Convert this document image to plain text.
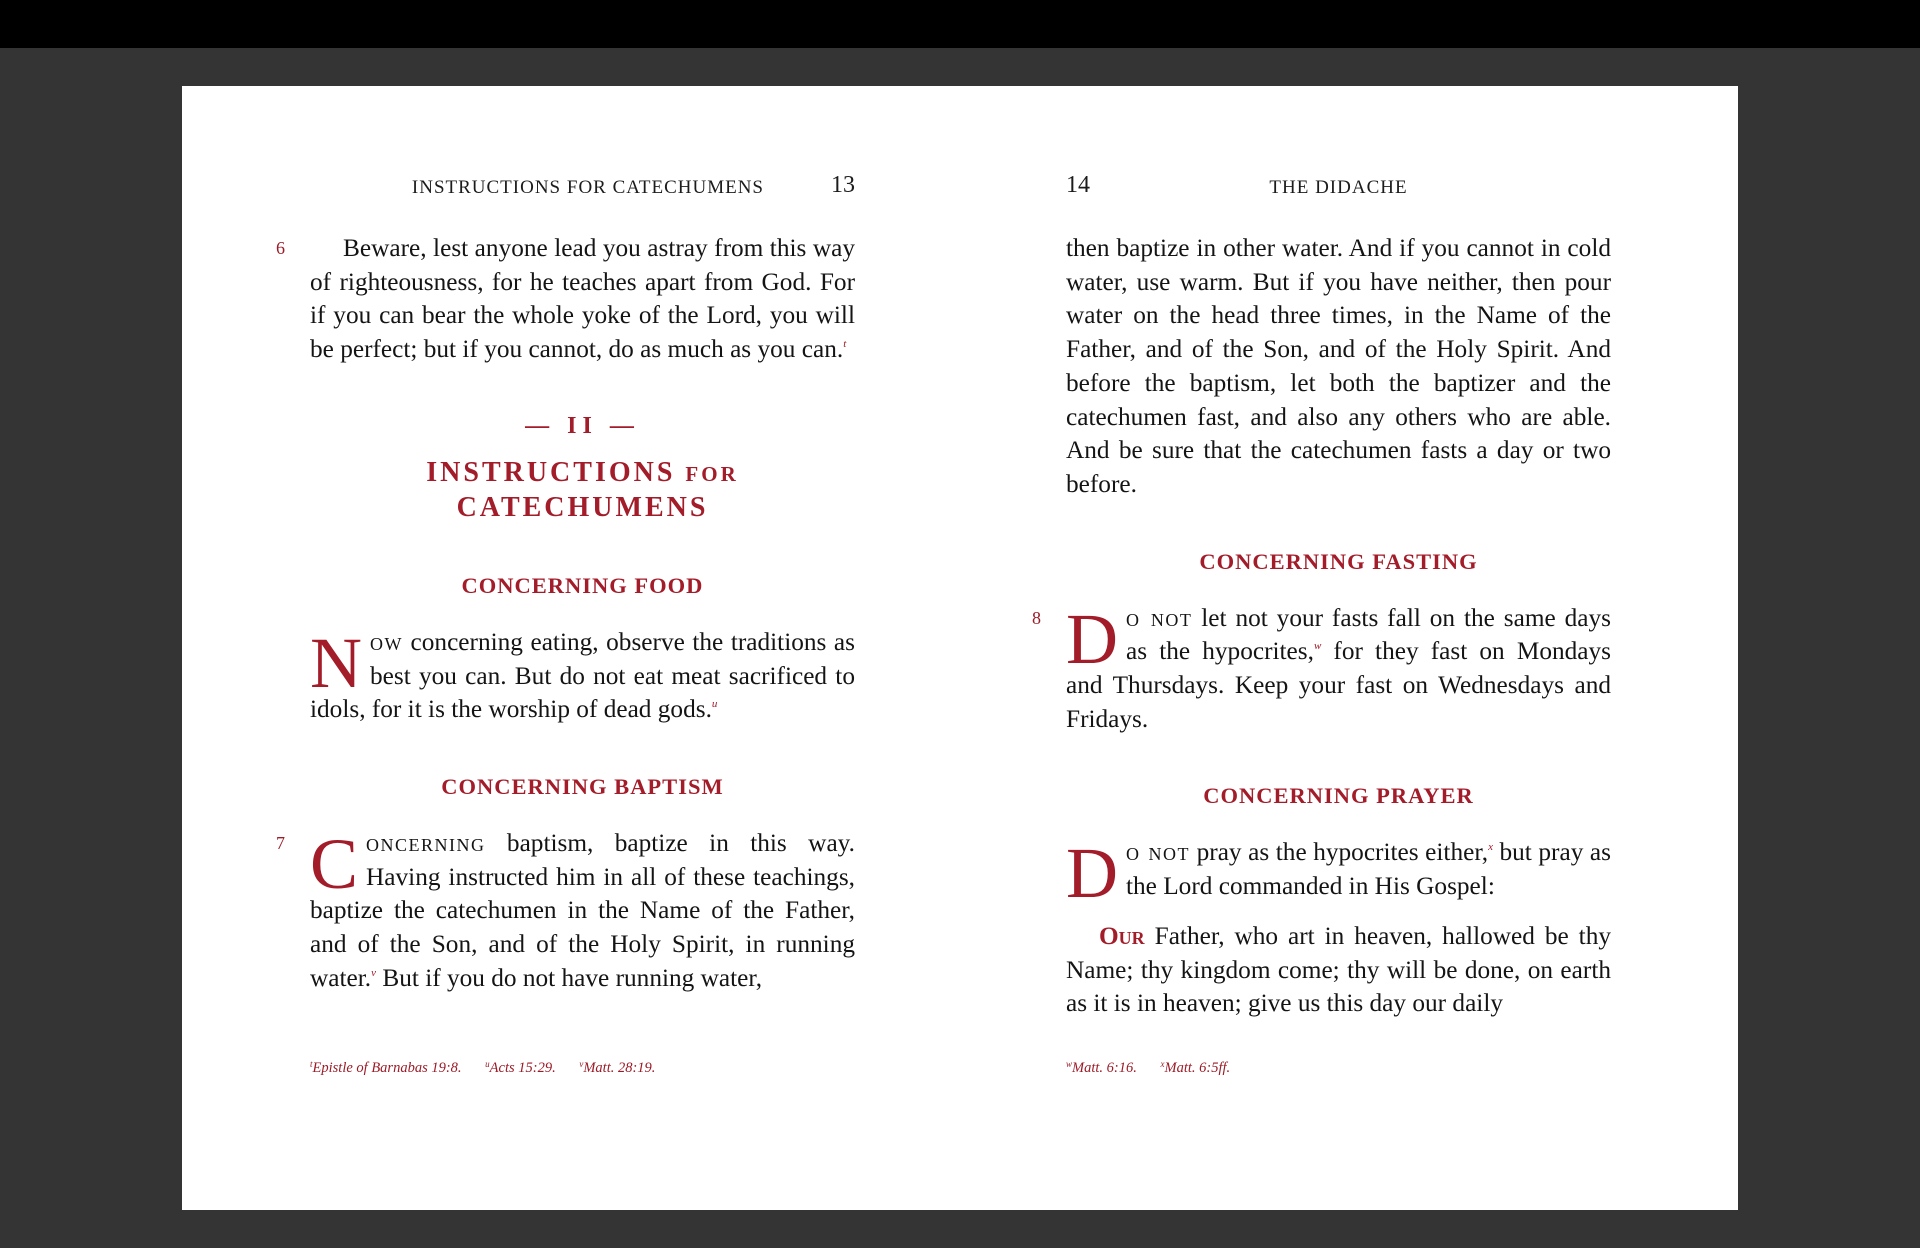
INSTRUCTIONS FOR CATECHUMENS	13

6 Beware, lest anyone lead you astray from this way of righteousness, for he teaches apart from God. For if you can bear the whole yoke of the Lord, you will be perfect; but if you cannot, do as much as you can.$^t$

— II —
INSTRUCTIONS FOR
CATECHUMENS
CONCERNING FOOD

Now concerning eating, observe the traditions as best you can. But do not eat meat sacrificed to idols, for it is the worship of dead gods.$^u$

CONCERNING BAPTISM

7 C oncerning baptism, baptize in this way. Having instructed him in all of these teachings, baptize the catechumen in the Name of the Father, and of the Son, and of the Holy Spirit, in running water.$^v$ But if you do not have running water,

$^t$Epistle of Barnabas 19:8.	$^u$Acts 15:29.	$^v$Matt. 28:19.
14	THE DIDACHE

then baptize in other water. And if you cannot in cold water, use warm. But if you have neither, then pour water on the head three times, in the Name of the Father, and of the Son, and of the Holy Spirit. And before the baptism, let both the baptizer and the catechumen fast, and also any others who are able. And be sure that the catechumen fasts a day or two before.

CONCERNING FASTING

8 D o not let not your fasts fall on the same days as the hypocrites,$^w$ for they fast on Mondays and Thursdays. Keep your fast on Wednesdays and Fridays.

CONCERNING PRAYER

Do not pray as the hypocrites either,$^x$ but pray as the Lord commanded in His Gospel:

Our Father, who art in heaven, hallowed be thy Name; thy kingdom come; thy will be done, on earth as it is in heaven; give us this day our daily

$^w$Matt. 6:16.	$^x$Matt. 6:5ff.
